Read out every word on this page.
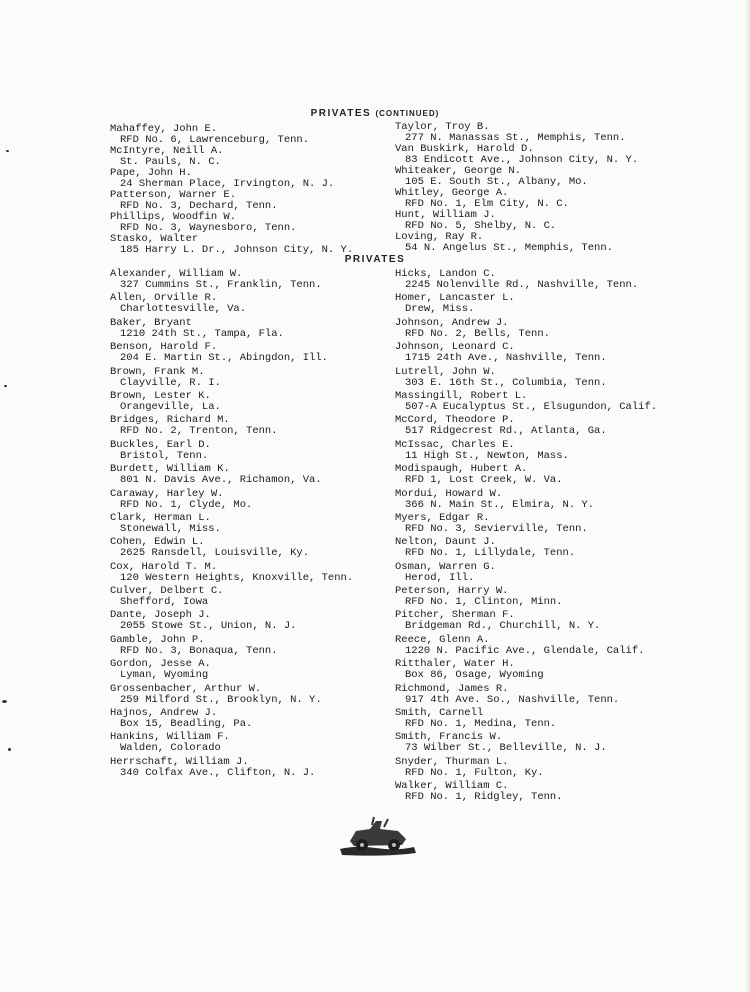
PRIVATES (CONTINUED)
Mahaffey, John E.
RFD No. 6, Lawrenceburg, Tenn.
McIntyre, Neill A.
St. Pauls, N. C.
Pape, John H.
24 Sherman Place, Irvington, N. J.
Patterson, Warner E.
RFD No. 3, Dechard, Tenn.
Phillips, Woodfin W.
RFD No. 3, Waynesboro, Tenn.
Stasko, Walter
185 Harry L. Dr., Johnson City, N. Y.
Taylor, Troy B.
277 N. Manassas St., Memphis, Tenn.
Van Buskirk, Harold D.
83 Endicott Ave., Johnson City, N. Y.
Whiteaker, George N.
105 E. South St., Albany, Mo.
Whitley, George A.
RFD No. 1, Elm City, N. C.
Hunt, William J.
RFD No. 5, Shelby, N. C.
Loving, Ray R.
54 N. Angelus St., Memphis, Tenn.
PRIVATES
Alexander, William W.
327 Cummins St., Franklin, Tenn.
Allen, Orville R.
Charlottesville, Va.
Baker, Bryant
1210 24th St., Tampa, Fla.
Benson, Harold F.
204 E. Martin St., Abingdon, Ill.
Brown, Frank M.
Clayville, R. I.
Brown, Lester K.
Orangeville, La.
Bridges, Richard M.
RFD No. 2, Trenton, Tenn.
Buckles, Earl D.
Bristol, Tenn.
Burdett, William K.
801 N. Davis Ave., Richamon, Va.
Caraway, Harley W.
RFD No. 1, Clyde, Mo.
Clark, Herman L.
Stonewall, Miss.
Cohen, Edwin L.
2625 Ransdell, Louisville, Ky.
Cox, Harold T. M.
120 Western Heights, Knoxville, Tenn.
Culver, Delbert C.
Shefford, Iowa
Dante, Joseph J.
2055 Stowe St., Union, N. J.
Gamble, John P.
RFD No. 3, Bonaqua, Tenn.
Gordon, Jesse A.
Lyman, Wyoming
Grossenbacher, Arthur W.
259 Milford St., Brooklyn, N. Y.
Hajnos, Andrew J.
Box 15, Beadling, Pa.
Hankins, William F.
Walden, Colorado
Herrschaft, William J.
340 Colfax Ave., Clifton, N. J.
Hicks, Landon C.
2245 Nolenville Rd., Nashville, Tenn.
Homer, Lancaster L.
Drew, Miss.
Johnson, Andrew J.
RFD No. 2, Bells, Tenn.
Johnson, Leonard C.
1715 24th Ave., Nashville, Tenn.
Lutrell, John W.
303 E. 16th St., Columbia, Tenn.
Massingill, Robert L.
507-A Eucalyptus St., Elsugundon, Calif.
McCord, Theodore P.
517 Ridgecrest Rd., Atlanta, Ga.
McIssac, Charles E.
11 High St., Newton, Mass.
Modispaugh, Hubert A.
RFD 1, Lost Creek, W. Va.
Mordui, Howard W.
366 N. Main St., Elmira, N. Y.
Myers, Edgar R.
RFD No. 3, Sevierville, Tenn.
Nelton, Daunt J.
RFD No. 1, Lillydale, Tenn.
Osman, Warren G.
Herod, Ill.
Peterson, Harry W.
RFD No. 1, Clinton, Minn.
Pitcher, Sherman F.
Bridgeman Rd., Churchill, N. Y.
Reece, Glenn A.
1220 N. Pacific Ave., Glendale, Calif.
Ritthaler, Water H.
Box 86, Osage, Wyoming
Richmond, James R.
917 4th Ave. So., Nashville, Tenn.
Smith, Carnell
RFD No. 1, Medina, Tenn.
Smith, Francis W.
73 Wilber St., Belleville, N. J.
Snyder, Thurman L.
RFD No. 1, Fulton, Ky.
Walker, William C.
RFD No. 1, Ridgley, Tenn.
